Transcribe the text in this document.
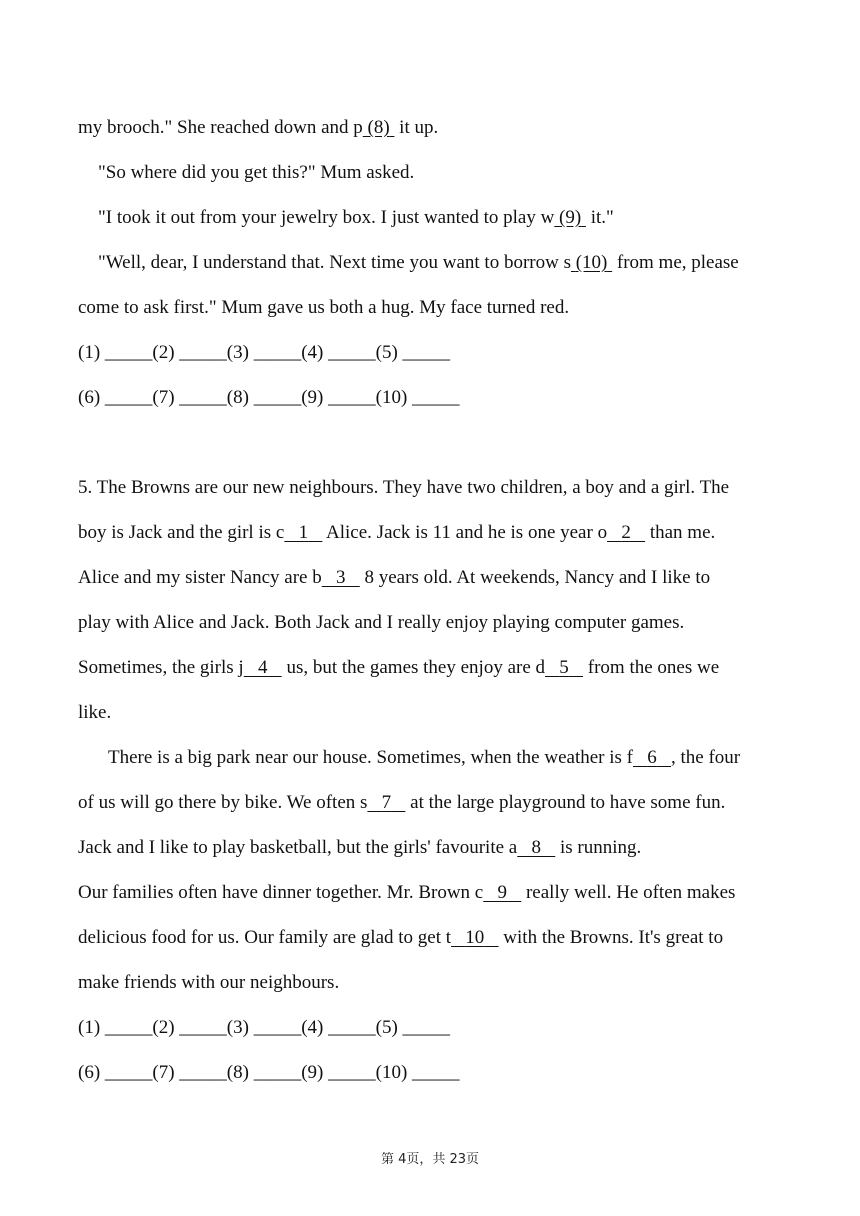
my brooch." She reached down and p (8)  it up.
"So where did you get this?" Mum asked.
"I took it out from your jewelry box. I just wanted to play w (9)  it."
"Well, dear, I understand that. Next time you want to borrow s (10)  from me, please
come to ask first." Mum gave us both a hug. My face turned red.
(1) _____(2) _____(3) _____(4) _____(5) _____
(6) _____(7) _____(8) _____(9) _____(10) _____
5. The Browns are our new neighbours. They have two children, a boy and a girl. The
boy is Jack and the girl is c 1    Alice. Jack is 11 and he is one year o 2    than me.
Alice and my sister Nancy are b 3    8 years old. At weekends, Nancy and I like to
play with Alice and Jack. Both Jack and I really enjoy playing computer games.
Sometimes, the girls j 4    us, but the games they enjoy are d 5    from the ones we
like.
There is a big park near our house. Sometimes, when the weather is f 6 , the four
of us will go there by bike. We often s 7    at the large playground to have some fun.
Jack and I like to play basketball, but the girls' favourite a 8    is running.
Our families often have dinner together. Mr. Brown c 9    really well. He often makes
delicious food for us. Our family are glad to get t 10    with the Browns. It's great to
make friends with our neighbours.
(1) _____(2) _____(3) _____(4) _____(5) _____
(6) _____(7) _____(8) _____(9) _____(10) _____
第 4页，共 23页
